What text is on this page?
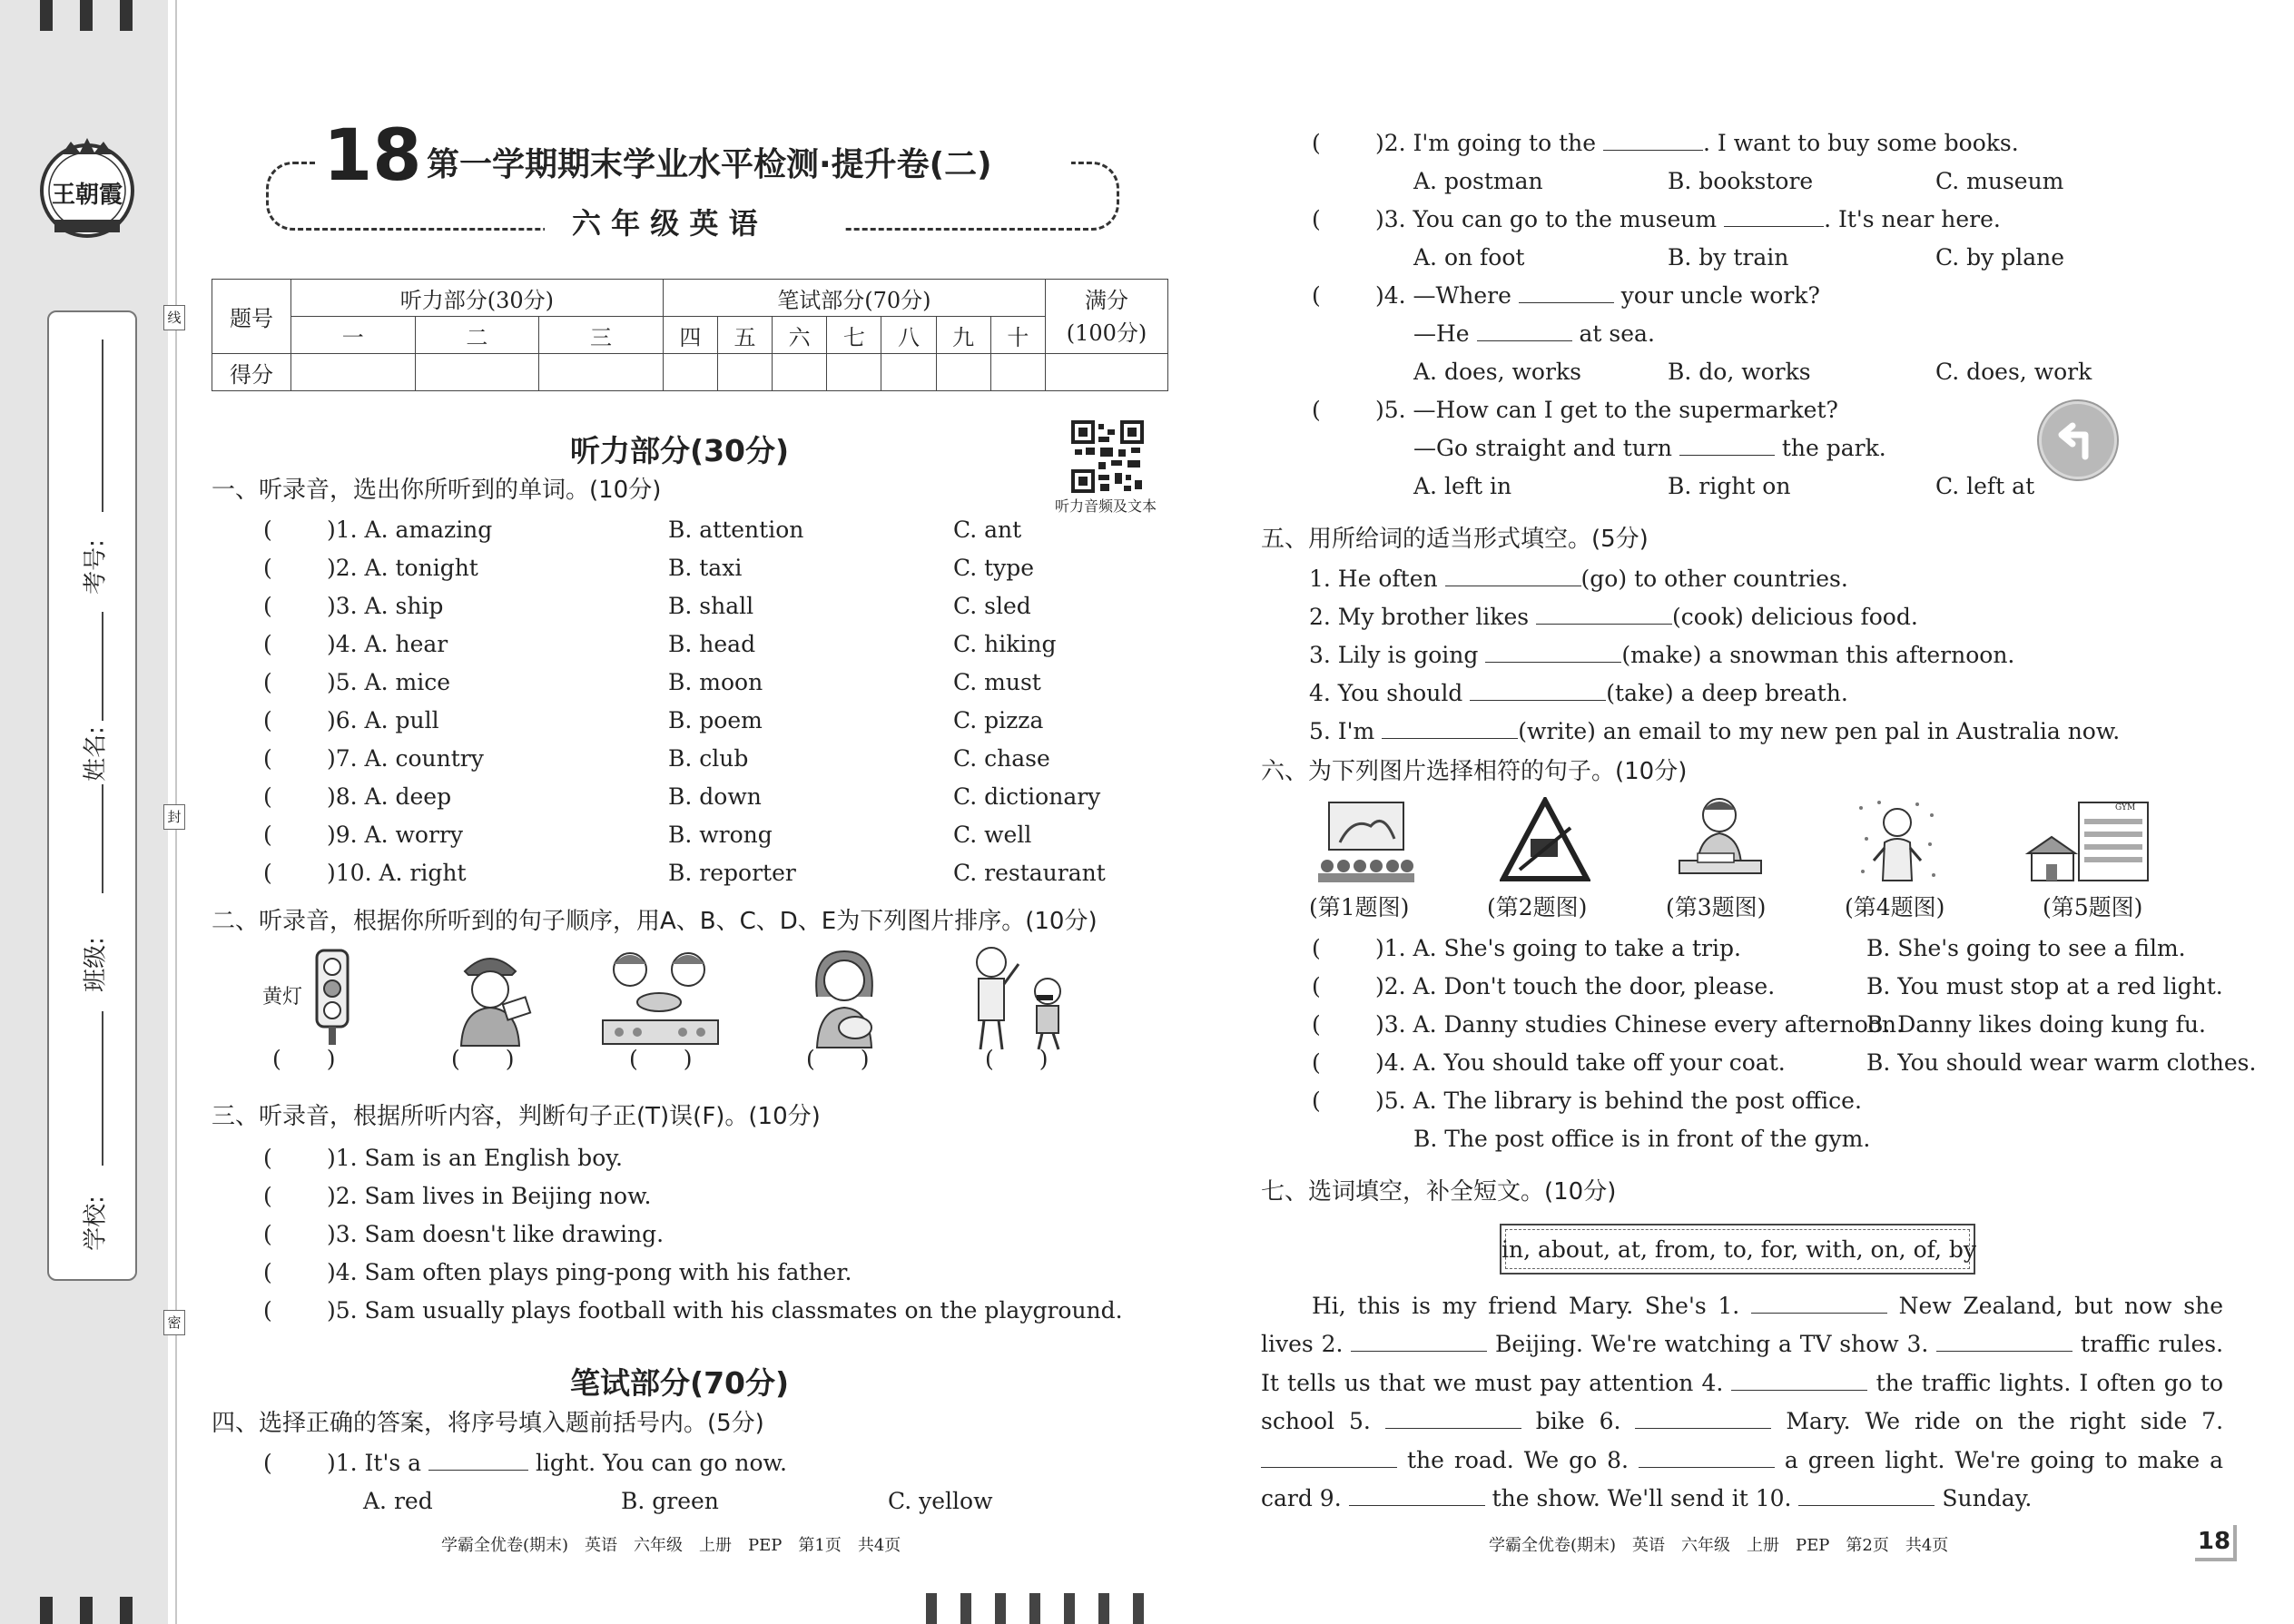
王朝霞
考号:
姓名:
班级:
学校:
线
封
密
18 第一学期期末学业水平检测·提升卷(二)
六 年 级 英 语
题号	听力部分(30分)			笔试部分(70分)							满分
(100分)
	一	二	三	四	五	六	七	八	九	十	
得分											
听力部分(30分)
听力音频及文本
一、听录音，选出你所听到的单词。(10分)
( )1. A. amazing	B. attention	C. ant
( )2. A. tonight	B. taxi	C. type
( )3. A. ship	B. shall	C. sled
( )4. A. hear	B. head	C. hiking
( )5. A. mice	B. moon	C. must
( )6. A. pull	B. poem	C. pizza
( )7. A. country	B. club	C. chase
( )8. A. deep	B. down	C. dictionary
( )9. A. worry	B. wrong	C. well
( )10. A. right	B. reporter	C. restaurant
二、听录音，根据你所听到的句子顺序，用A、B、C、D、E为下列图片排序。(10分)
黄灯
(　　)	(　　)	(　　)	(　　)	(　　)
三、听录音，根据所听内容，判断句子正(T)误(F)。(10分)
( )1. Sam is an English boy.
( )2. Sam lives in Beijing now.
( )3. Sam doesn't like drawing.
( )4. Sam often plays ping-pong with his father.
( )5. Sam usually plays football with his classmates on the playground.
笔试部分(70分)
四、选择正确的答案，将序号填入题前括号内。(5分)
( )1. It's a	light. You can go now.
A. red	B. green	C. yellow
学霸全优卷(期末)　英语　六年级　上册　PEP　第1页　共4页
( )2. I'm going to the	. I want to buy some books.
A. postman	B. bookstore	C. museum
( )3. You can go to the museum	. It's near here.
A. on foot	B. by train	C. by plane
( )4. —Where	your uncle work?
—He	at sea.
A. does, works	B. do, works	C. does, work
( )5. —How can I get to the supermarket?
—Go straight and turn	the park.
A. left in	B. right on	C. left at
五、用所给词的适当形式填空。(5分)
1. He often	(go) to other countries.
2. My brother likes	(cook) delicious food.
3. Lily is going	(make) a snowman this afternoon.
4. You should	(take) a deep breath.
5. I'm	(write) an email to my new pen pal in Australia now.
六、为下列图片选择相符的句子。(10分)
GYM
(第1题图)	(第2题图)	(第3题图)	(第4题图)	(第5题图)
( )1. A. She's going to take a trip.	B. She's going to see a film.
( )2. A. Don't touch the door, please.	B. You must stop at a red light.
( )3. A. Danny studies Chinese every afternoon.
B. Danny likes doing kung fu.
( )4. A. You should take off your coat.	B. You should wear warm clothes.
( )5. A. The library is behind the post office.
B. The post office is in front of the gym.
七、选词填空，补全短文。(10分)
in, about, at, from, to, for, with, on, of, by
Hi, this is my friend Mary. She's 1.	New Zealand, but now she lives 2.	Beijing. We're watching a TV show 3.	traffic rules. It tells us that we must pay attention 4.	the traffic lights. I often go to school 5.	bike 6.	Mary. We ride on the right side 7.  the road. We go 8.	a green light. We're going to make a card 9.	the show. We'll send it 10.	Sunday.
学霸全优卷(期末)　英语　六年级　上册　PEP　第2页　共4页	18
